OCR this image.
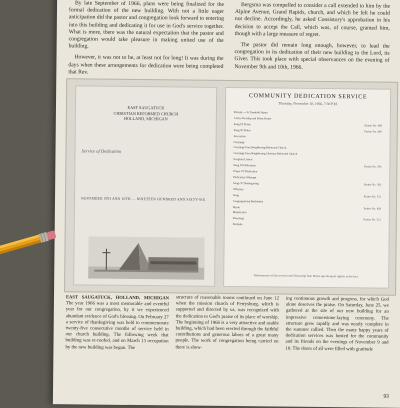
By late September of 1966, plans were being finalized for the formal dedication of the new building. With not a little eager anticipation did the pastor and congregation look forward to entering into this building and dedicating it for use in God's service together. What is more, there was the natural expectation that the pastor and congregation would take pleasure in making united use of the building.

However, it was not to be, at least not for long! It was during the days when these arrangements for dedication were being completed that Rev.

Bergsma was compelled to consider a call extended to him by the Alpine Avenue, Grand Rapids, church, and which he felt he could not decline. Accordingly, he asked Consistory's approbation in his decision to accept the Call, which was, of course, granted him, though with a large measure of regret.

The pastor did remain long enough, however, to lead the congregation in its dedication of their new building to the Lord, its Giver. This took place with special observances on the evening of November 9th and 10th, 1966.

EAST SAUGATUCK
CHRISTIAN REFORMED CHURCH
HOLLAND, MICHIGAN
Service of Dedication
NOVEMBER 9TH AND 10TH — NINETEEN HUNDRED AND SIXTY-SIX
COMMUNITY DEDICATION SERVICE
Thursday, November 10, 1966, 7:30 P.M.
Prelude — In Thankful Hymn
Call to Worship and Silent Prayer
Song Of Praise	Psalter No. 408
Song Of Praise	Psalter No. 400
Invocation
Greetings
Greetings from Neighboring Reformed Church
Greetings from Neighboring Christian Reformed Church
Scripture Lesson
Song Of Dedication	Psalter No. 396
Prayer Of Dedication
Dedicatory Message
Song Of Thanksgiving	Psalter No. 392
Offertory
Song	Psalter No. 331
Congregational Meditation
Hymn	Psalter No. 428
Benediction
Doxology	Psalter No. 312
Postlude
Refreshments will be served in the Fellowship Hall. Please sign the guest register at the door.
EAST SAUGATUCK, HOLLAND, MICHIGAN The year 1966 was a most memorable and eventful year for our congregation, by it we experienced abundant evidence of God's blessing. On February 27 a service of thanksgiving was held to commemorate twenty-five consecutive months of service held in our church building. The following week that building was re-roofed, and on March 13 occupation by the new building was begun. The
structure of reasonable rooms continued on June 12 when the mission church of Ferrysburg, which is supported and directed by us, was recognized with the dedication to God's praise of its place of worship. The beginning of 1966 is a very attractive and usable building, which had been erected through the faithful contributions and generous labors of a great many people. The work of congregation being carried on there is show-
ing continuous growth and progress, for which God alone deserves the praise. On Saturday, June 25, we gathered at the site of our new building for an impressive cornerstone-laying ceremony. The structure grew rapidly and was nearly complete in the summer rallied. Then the many happy years of dedication services was hosted for the community and its friends on the evenings of November 9 and 10. The doors of all were filled with gratitude
93
